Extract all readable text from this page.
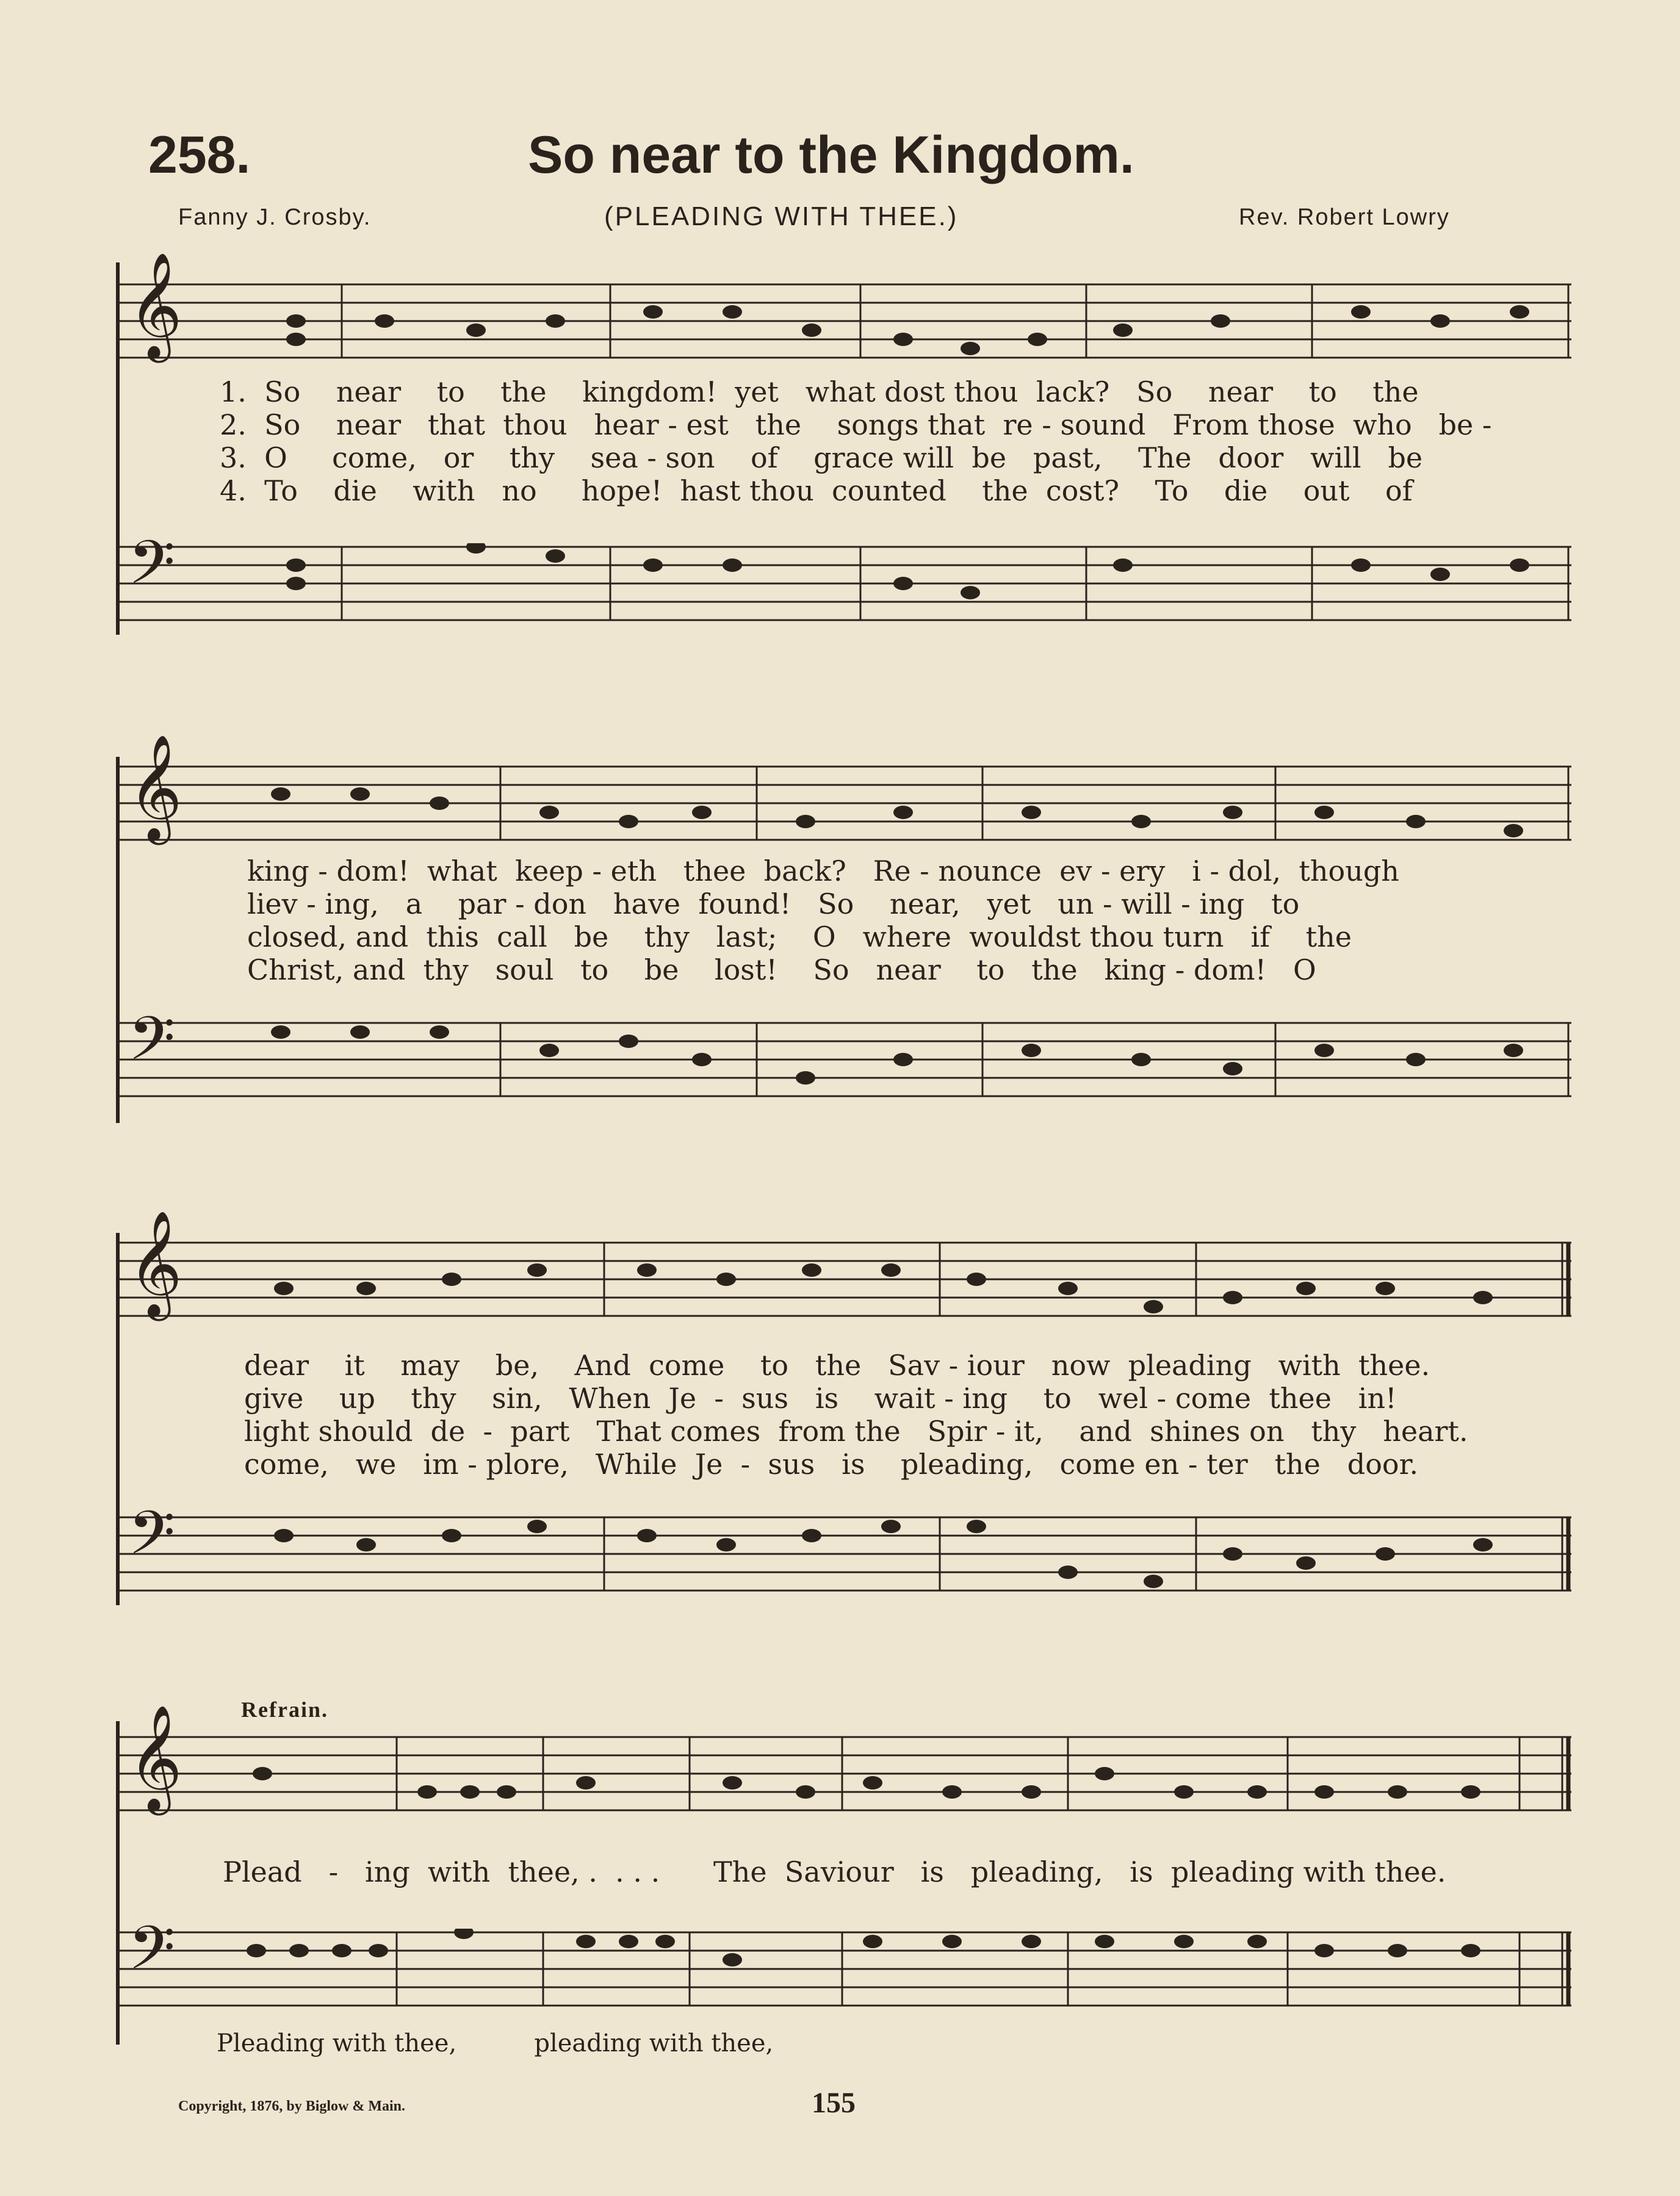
258.	So near to the Kingdom.
Fanny J. Crosby.	(PLEADING WITH THEE.)	Rev. Robert Lowry
𝄞
1.  So    near    to    the    kingdom!  yet   what dost thou  lack?   So    near    to    the
2.  So    near   that  thou   hear - est   the    songs that  re - sound   From those  who   be -
3.  O     come,   or    thy    sea - son    of    grace will  be   past,    The   door   will   be
4.  To    die    with   no     hope!  hast thou  counted    the  cost?    To    die    out    of
𝄢
𝄞
king - dom!  what  keep - eth   thee  back?   Re - nounce  ev - ery   i - dol,  though
liev - ing,   a    par - don   have  found!   So    near,   yet   un - will - ing   to
closed, and  this  call   be    thy   last;    O   where  wouldst thou turn   if    the
Christ, and  thy   soul   to    be    lost!    So   near    to   the   king - dom!   O
𝄢
𝄞
dear    it    may    be,    And  come    to   the   Sav - iour   now  pleading   with  thee.
give    up    thy    sin,   When  Je  -  sus   is    wait - ing    to   wel - come  thee   in!
light should  de  -  part   That comes  from the   Spir - it,    and  shines on   thy   heart.
come,   we   im - plore,   While  Je  -  sus   is    pleading,   come en - ter   the   door.
𝄢
Refrain.
𝄞
Plead   -   ing  with  thee, .  . . .      The  Saviour   is   pleading,   is  pleading with thee.
𝄢
Pleading with thee,          pleading with thee,
Copyright, 1876, by Biglow & Main.	155
